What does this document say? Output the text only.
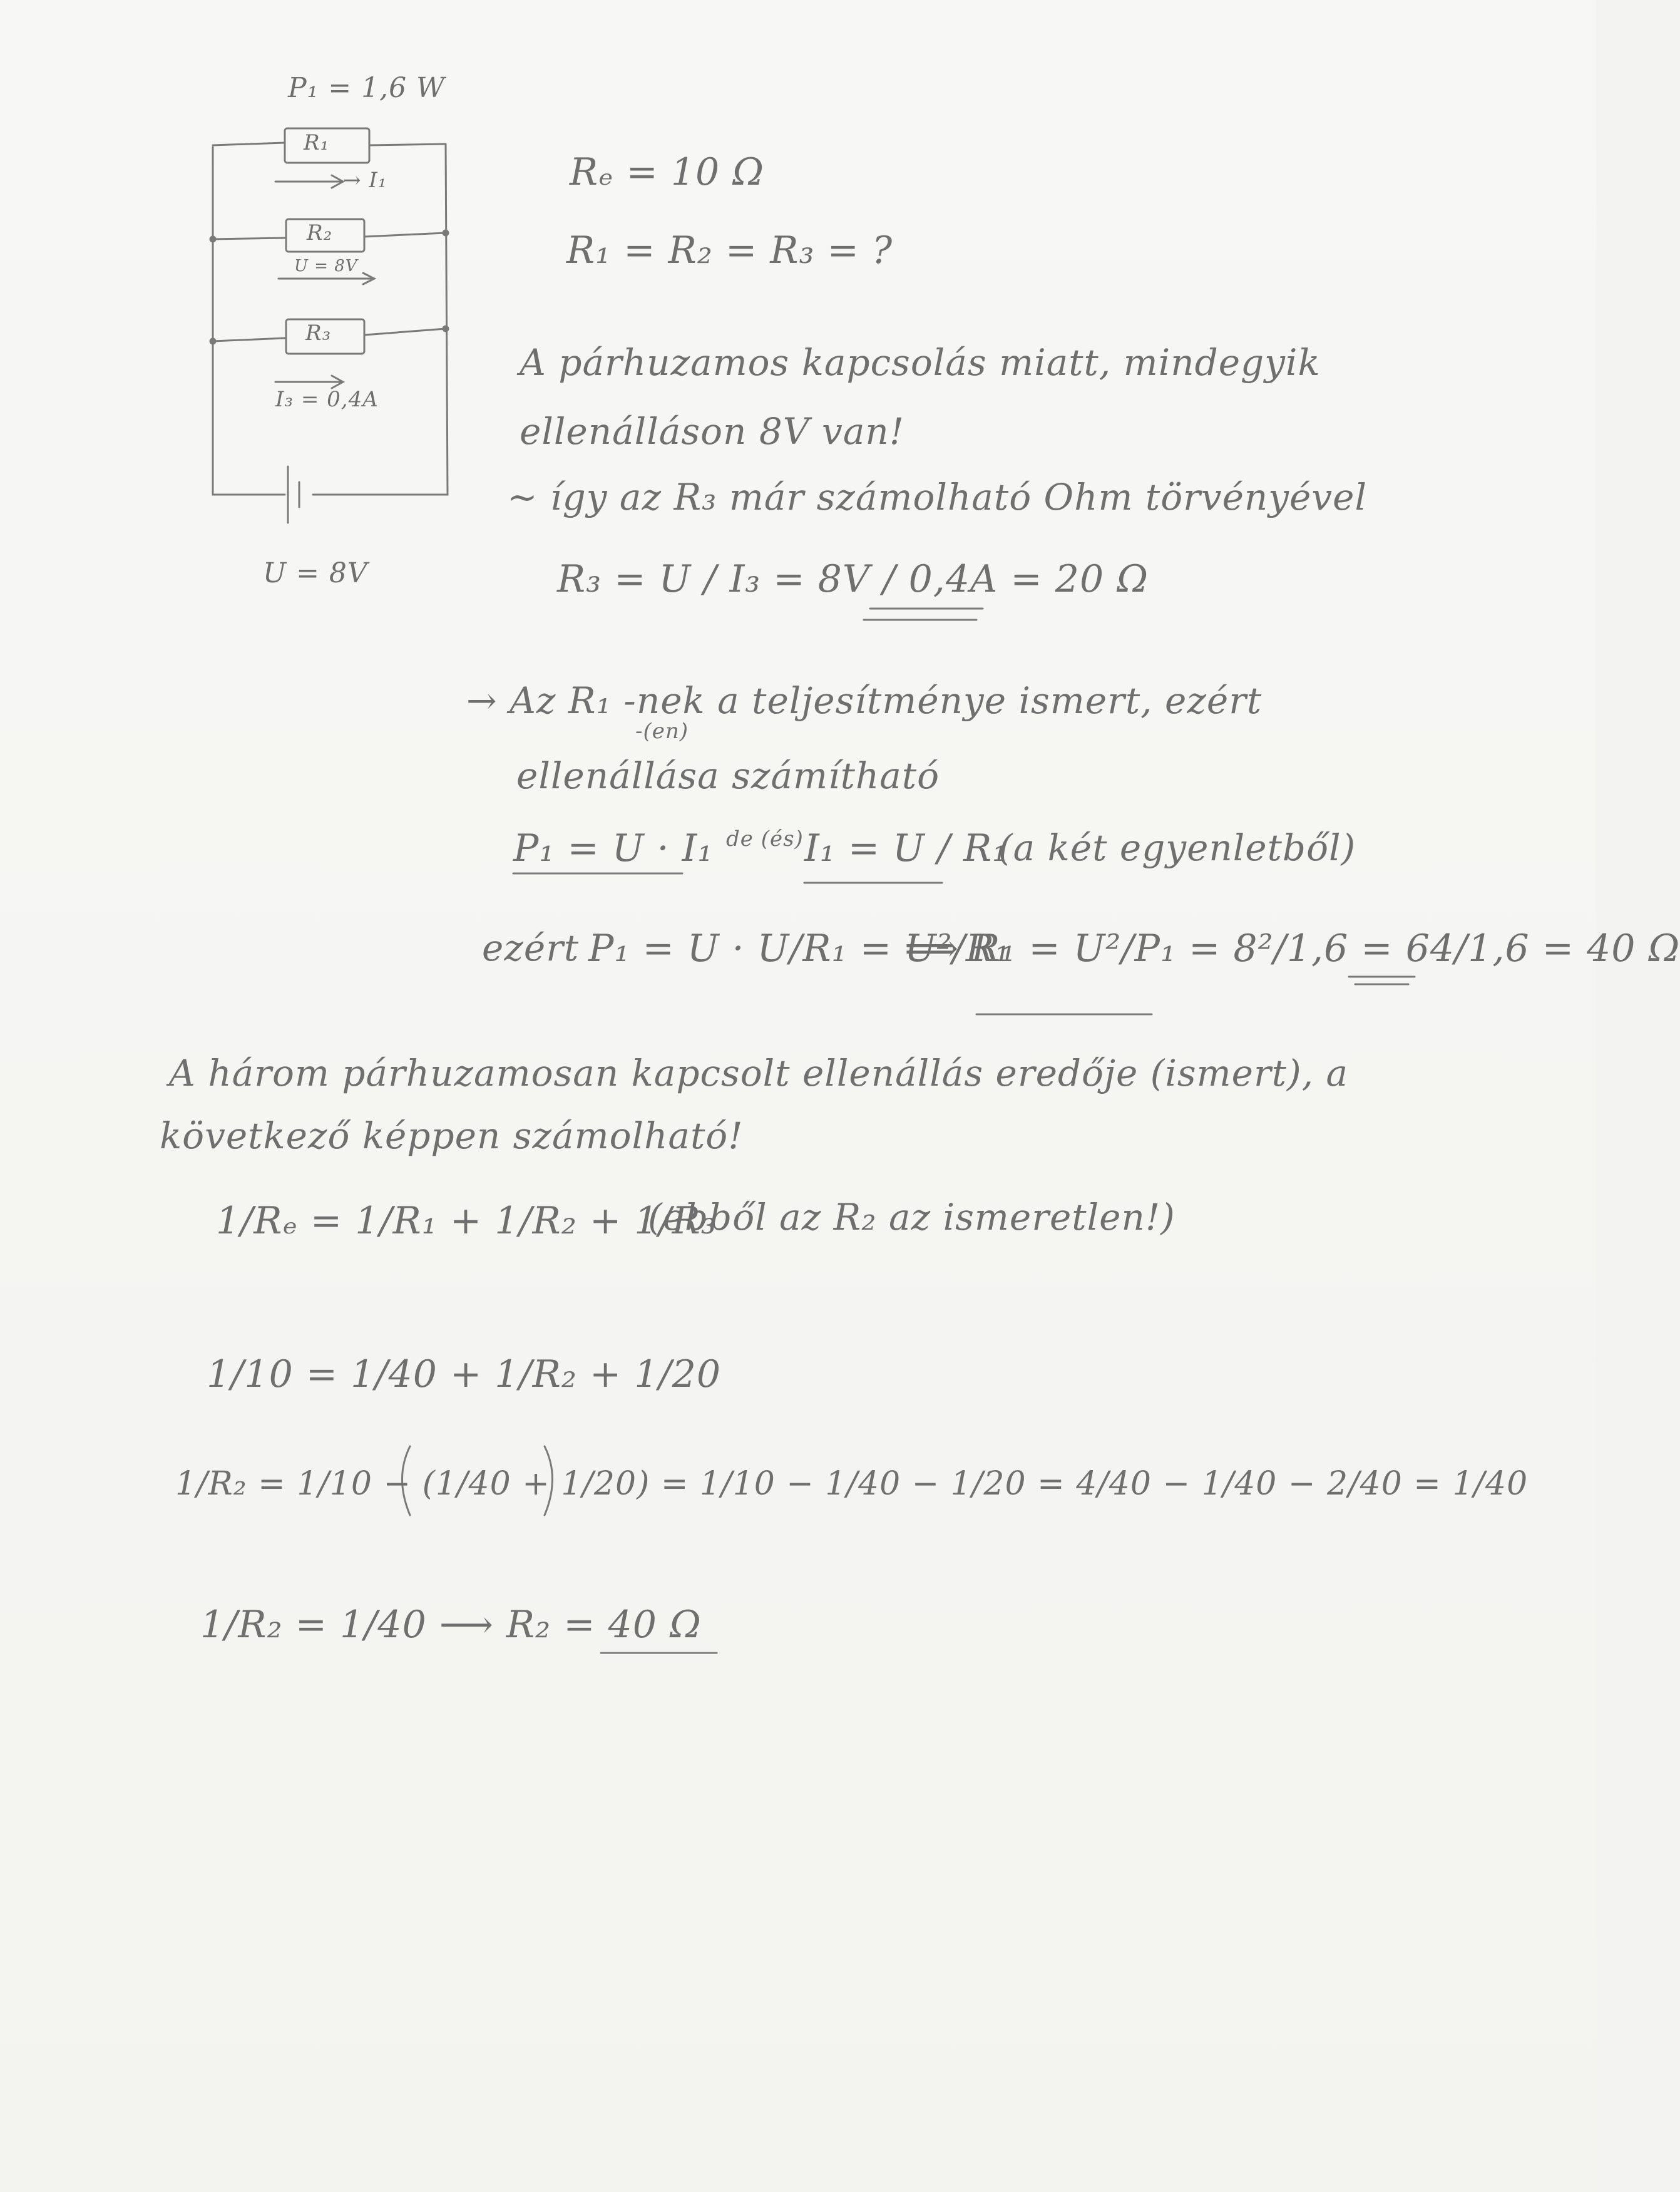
P₁ = 1,6 W
R₁
→ I₁
R₂
U = 8V
R₃
I₃ = 0,4A
U = 8V
Rₑ = 10 Ω
R₁ = R₂ = R₃ = ?
A párhuzamos kapcsolás miatt, mindegyik
ellenálláson 8V van!
~ így az R₃ már számolható Ohm törvényével
R₃ = U / I₃ = 8V / 0,4A = 20 Ω
→ Az R₁ -nek a teljesítménye ismert, ezért
-(en)
ellenállása számítható
P₁ = U · I₁ de (és) I₁ = U / R₁
(a két egyenletből)
ezért P₁ = U · U/R₁ = U²/R₁
⟹ R₁ = U²/P₁ = 8²/1,6 = 64/1,6 = 40 Ω
A három párhuzamosan kapcsolt ellenállás eredője (ismert), a
következő képpen számolható!
1/Rₑ = 1/R₁ + 1/R₂ + 1/R₃
(ebből az R₂ az ismeretlen!)
1/10 = 1/40 + 1/R₂ + 1/20
1/R₂ = 1/10 − (1/40 + 1/20) = 1/10 − 1/40 − 1/20 = 4/40 − 1/40 − 2/40 = 1/40
1/R₂ = 1/40 ⟶ R₂ = 40 Ω
